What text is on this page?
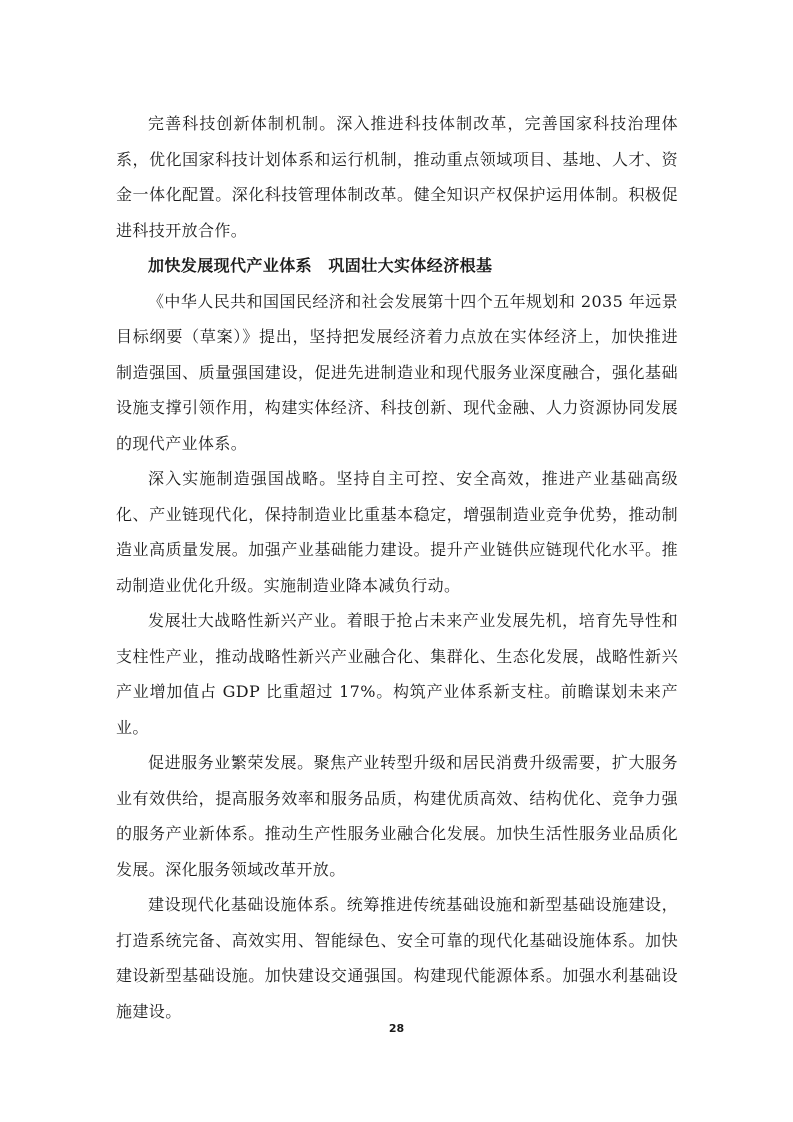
完善科技创新体制机制。深入推进科技体制改革，完善国家科技治理体系，优化国家科技计划体系和运行机制，推动重点领域项目、基地、人才、资金一体化配置。深化科技管理体制改革。健全知识产权保护运用体制。积极促进科技开放合作。

加快发展现代产业体系　巩固壮大实体经济根基

《中华人民共和国国民经济和社会发展第十四个五年规划和 2035 年远景目标纲要（草案）》提出，坚持把发展经济着力点放在实体经济上，加快推进制造强国、质量强国建设，促进先进制造业和现代服务业深度融合，强化基础设施支撑引领作用，构建实体经济、科技创新、现代金融、人力资源协同发展的现代产业体系。

深入实施制造强国战略。坚持自主可控、安全高效，推进产业基础高级化、产业链现代化，保持制造业比重基本稳定，增强制造业竞争优势，推动制造业高质量发展。加强产业基础能力建设。提升产业链供应链现代化水平。推动制造业优化升级。实施制造业降本减负行动。

发展壮大战略性新兴产业。着眼于抢占未来产业发展先机，培育先导性和支柱性产业，推动战略性新兴产业融合化、集群化、生态化发展，战略性新兴产业增加值占 GDP 比重超过 17%。构筑产业体系新支柱。前瞻谋划未来产业。

促进服务业繁荣发展。聚焦产业转型升级和居民消费升级需要，扩大服务业有效供给，提高服务效率和服务品质，构建优质高效、结构优化、竞争力强的服务产业新体系。推动生产性服务业融合化发展。加快生活性服务业品质化发展。深化服务领域改革开放。

建设现代化基础设施体系。统筹推进传统基础设施和新型基础设施建设，打造系统完备、高效实用、智能绿色、安全可靠的现代化基础设施体系。加快建设新型基础设施。加快建设交通强国。构建现代能源体系。加强水利基础设施建设。

28
